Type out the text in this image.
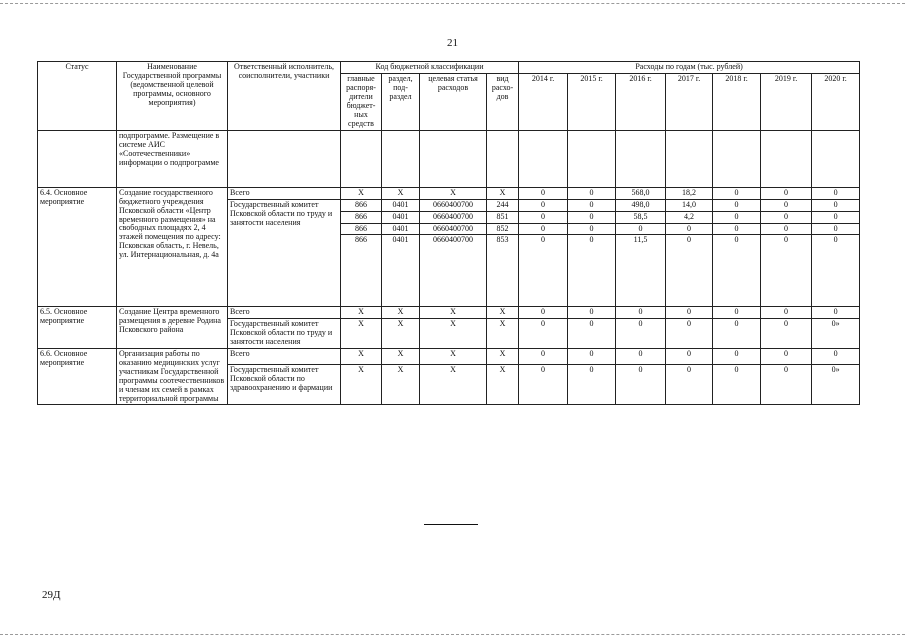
21
Статус	Наименование Государственной программы (ведомственной целевой программы, основного мероприятия)	Ответственный исполнитель, соисполнители, участники	Код бюджетной классификации				Расходы по годам (тыс. рублей)						
			главные распоря-дители бюджет-ных средств	раздел, под-раздел	целевая статья расходов	вид расхо-дов	2014 г.	2015 г.	2016 г.	2017 г.	2018 г.	2019 г.	2020 г.
	подпрограмме. Размещение в системе АИС «Соотечественники» информации о подпрограмме												
6.4. Основное мероприятие	Создание государственного бюджетного учреждения Псковской области «Центр временного размещения» на свободных площадях 2, 4 этажей помещения по адресу: Псковская область, г. Невель, ул. Интернациональная, д. 4а	Всего	X	X	X	X	0	0	568,0	18,2	0	0	0
		Государственный комитет Псковской области по труду и занятости населения	866	0401	0660400700	244	0	0	498,0	14,0	0	0	0
			866	0401	0660400700	851	0	0	58,5	4,2	0	0	0
			866	0401	0660400700	852	0	0	0	0	0	0	0
			866	0401	0660400700	853	0	0	11,5	0	0	0	0

6.5. Основное мероприятие	Создание Центра временного размещения в деревне Родина Псковского района	Всего	X	X	X	X	0	0	0	0	0	0	0
		Государственный комитет Псковской области по труду и занятости населения	X	X	X	X	0	0	0	0	0	0	0»
6.6. Основное мероприятие	Организация работы по оказанию медицинских услуг участникам Государственной программы соотечественников и членам их семей в рамках территориальной программы	Всего	X	X	X	X	0	0	0	0	0	0	0
		Государственный комитет Псковской области по здравоохранению и фармации	X	X	X	X	0	0	0	0	0	0	0»
29Д
